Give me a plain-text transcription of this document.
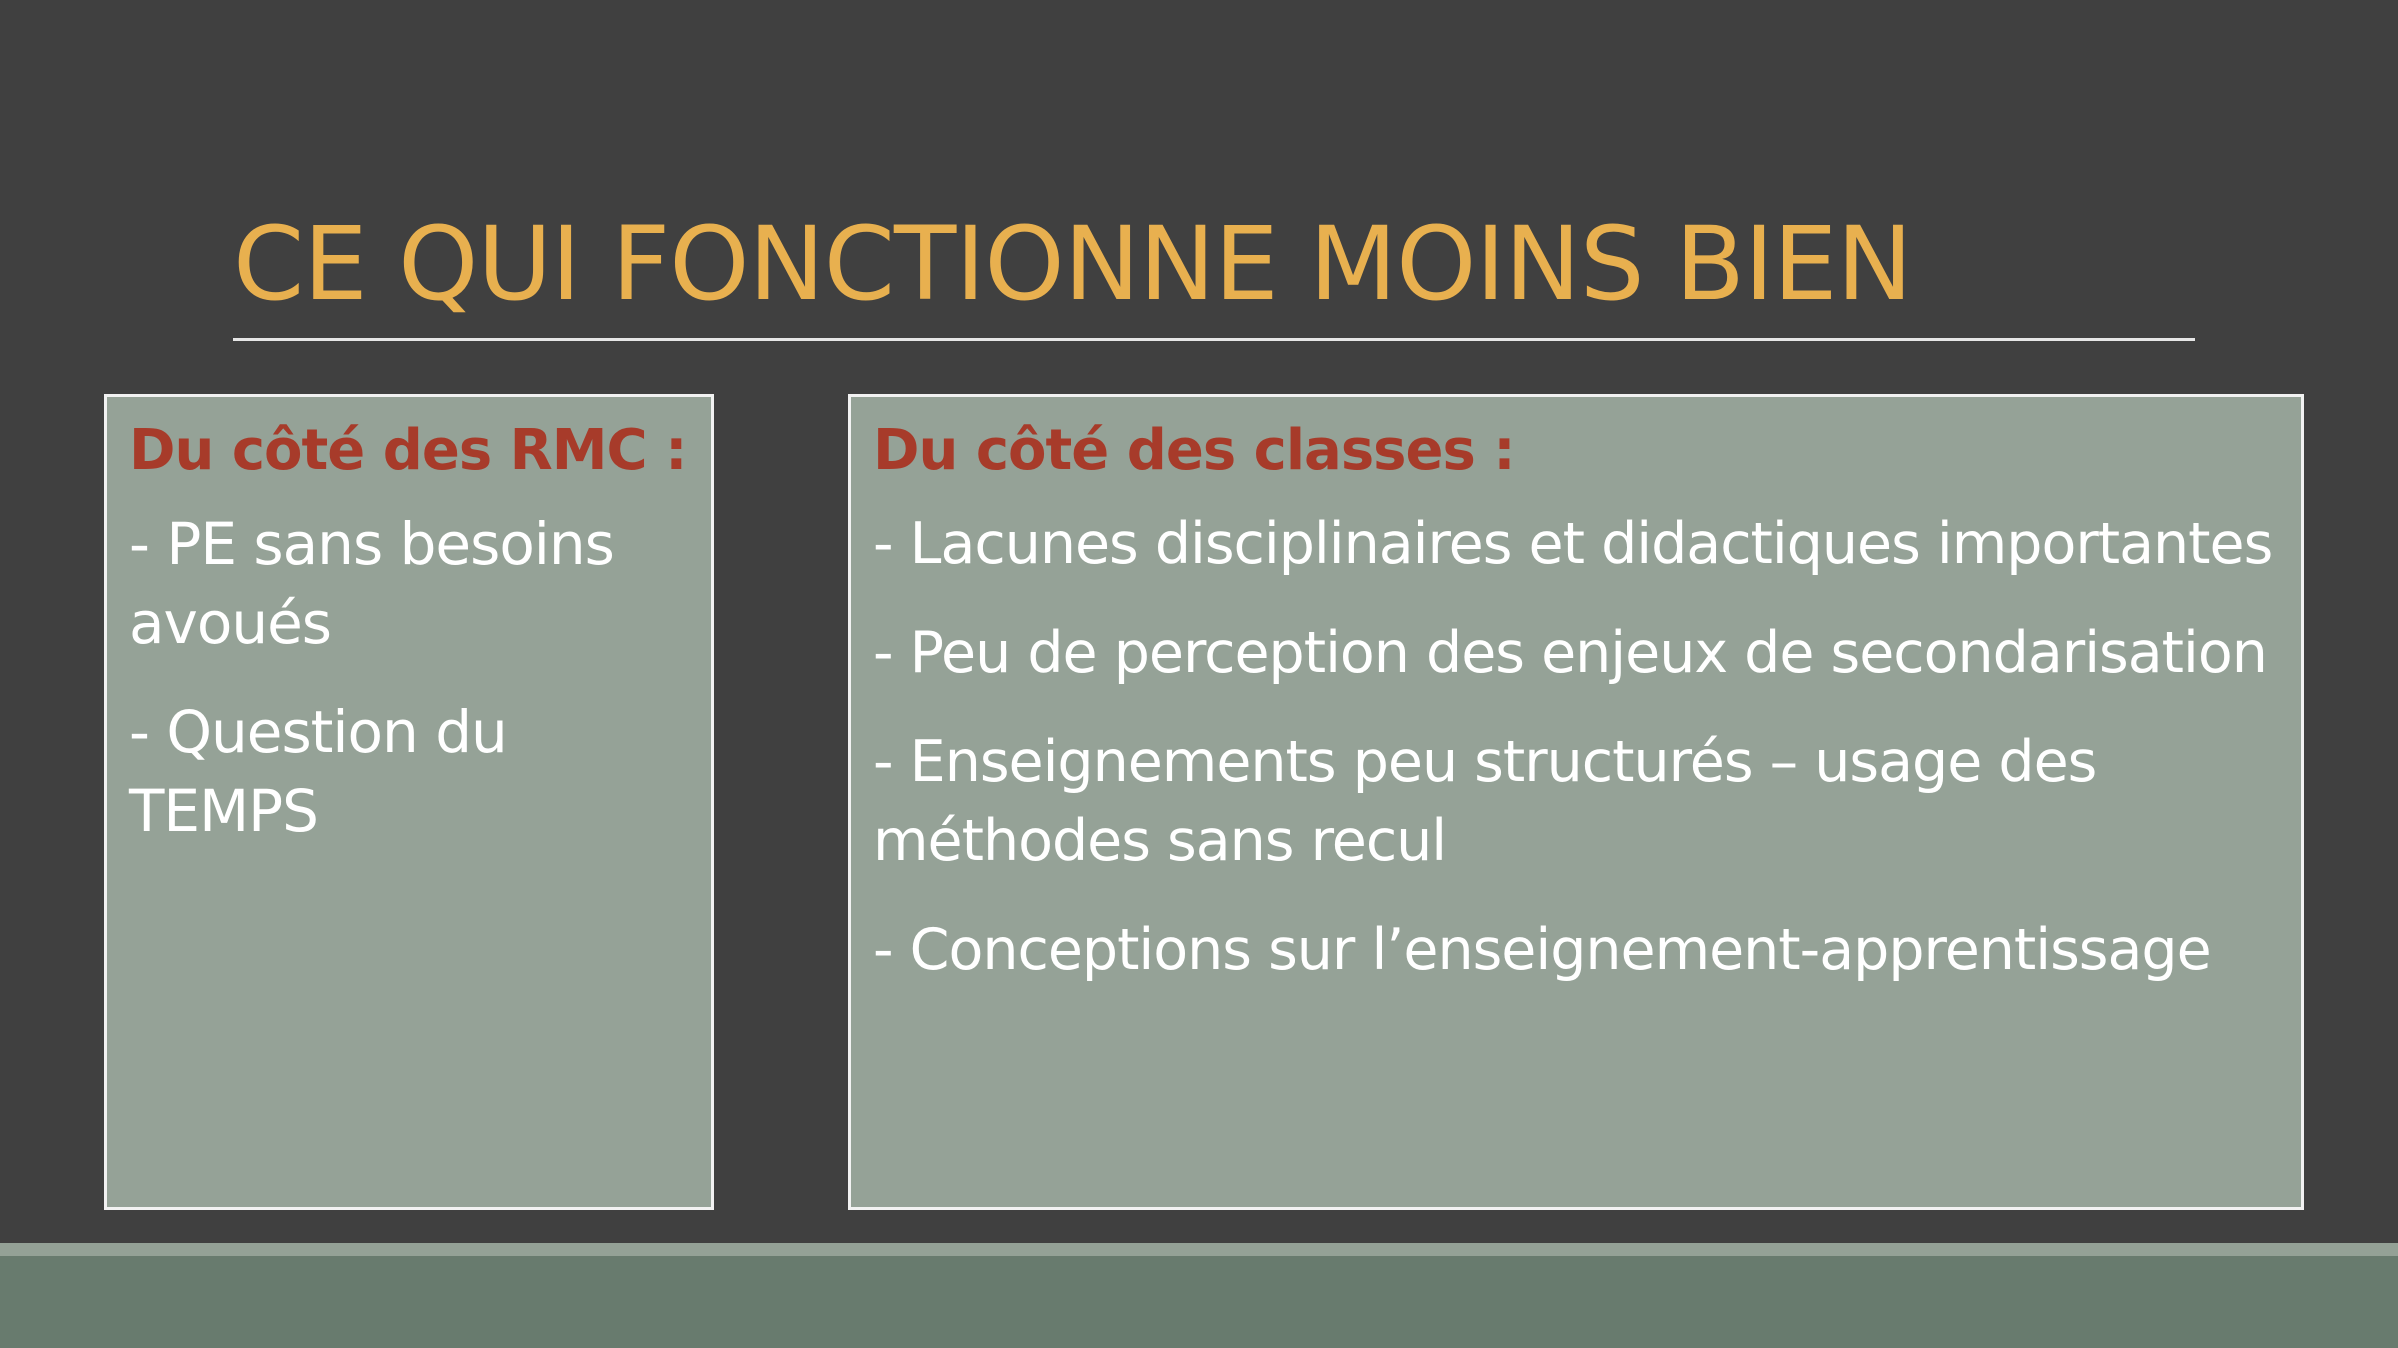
CE QUI FONCTIONNE MOINS BIEN

Du côté des RMC :

- PE sans besoins avoués

- Question du TEMPS

Du côté des classes :

- Lacunes disciplinaires et didactiques importantes

- Peu de perception des enjeux de secondarisation

- Enseignements peu structurés – usage des méthodes sans recul

- Conceptions sur l’enseignement-apprentissage
